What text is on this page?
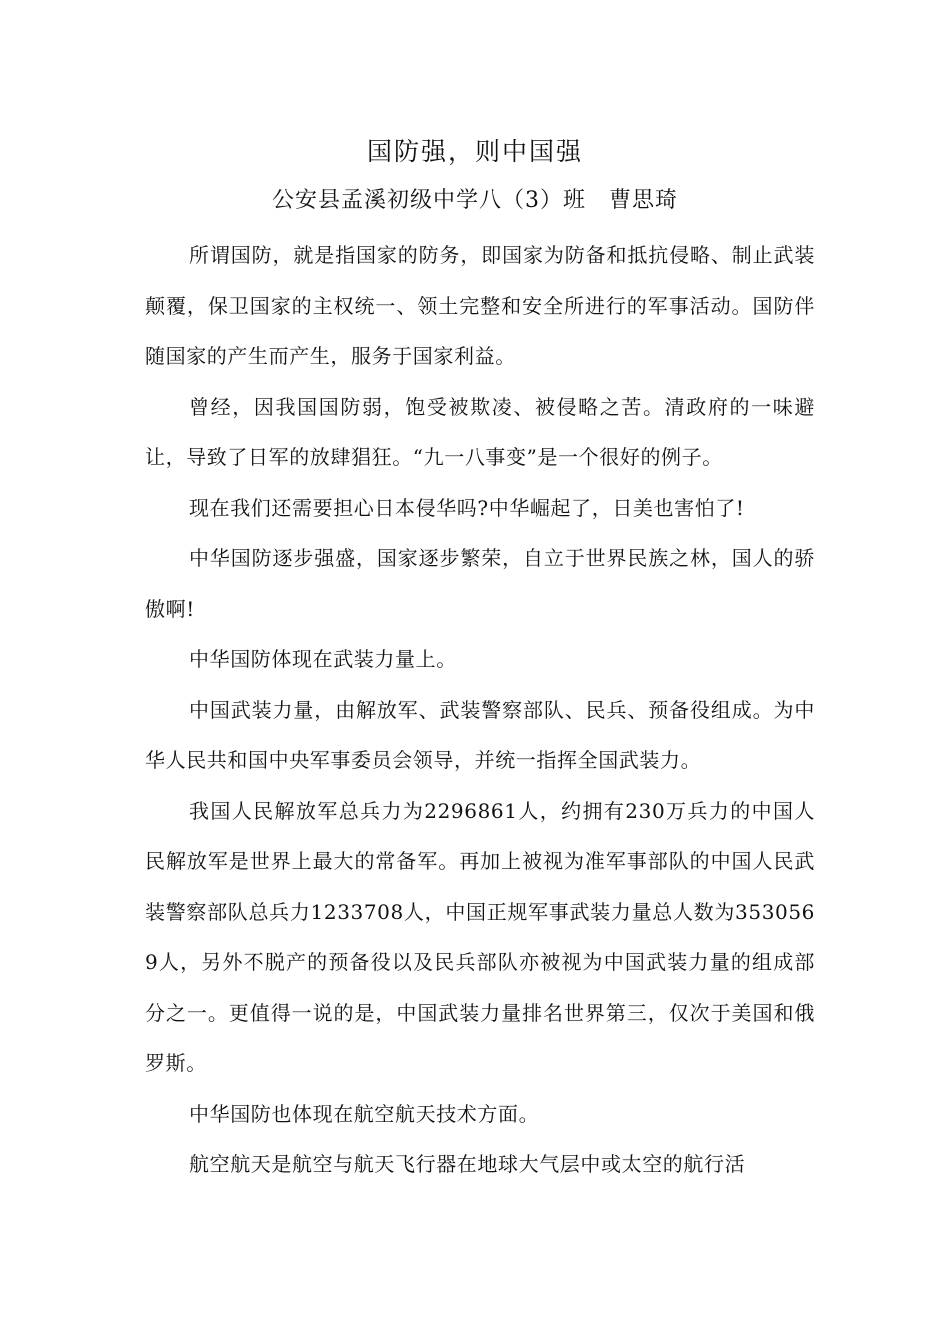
国防强，则中国强
公安县孟溪初级中学八（3）班　曹思琦

所谓国防，就是指国家的防务，即国家为防备和抵抗侵略、制止武装颠覆，保卫国家的主权统一、领土完整和安全所进行的军事活动。国防伴随国家的产生而产生，服务于国家利益。

曾经，因我国国防弱，饱受被欺凌、被侵略之苦。清政府的一味避让，导致了日军的放肆猖狂。“九一八事变”是一个很好的例子。

现在我们还需要担心日本侵华吗?中华崛起了，日美也害怕了!

中华国防逐步强盛，国家逐步繁荣，自立于世界民族之林，国人的骄傲啊!

中华国防体现在武装力量上。

中国武装力量，由解放军、武装警察部队、民兵、预备役组成。为中华人民共和国中央军事委员会领导，并统一指挥全国武装力。

我国人民解放军总兵力为2296861人，约拥有230万兵力的中国人民解放军是世界上最大的常备军。再加上被视为准军事部队的中国人民武装警察部队总兵力1233708人，中国正规军事武装力量总人数为3530569人，另外不脱产的预备役以及民兵部队亦被视为中国武装力量的组成部分之一。更值得一说的是，中国武装力量排名世界第三，仅次于美国和俄罗斯。

中华国防也体现在航空航天技术方面。

航空航天是航空与航天飞行器在地球大气层中或太空的航行活
